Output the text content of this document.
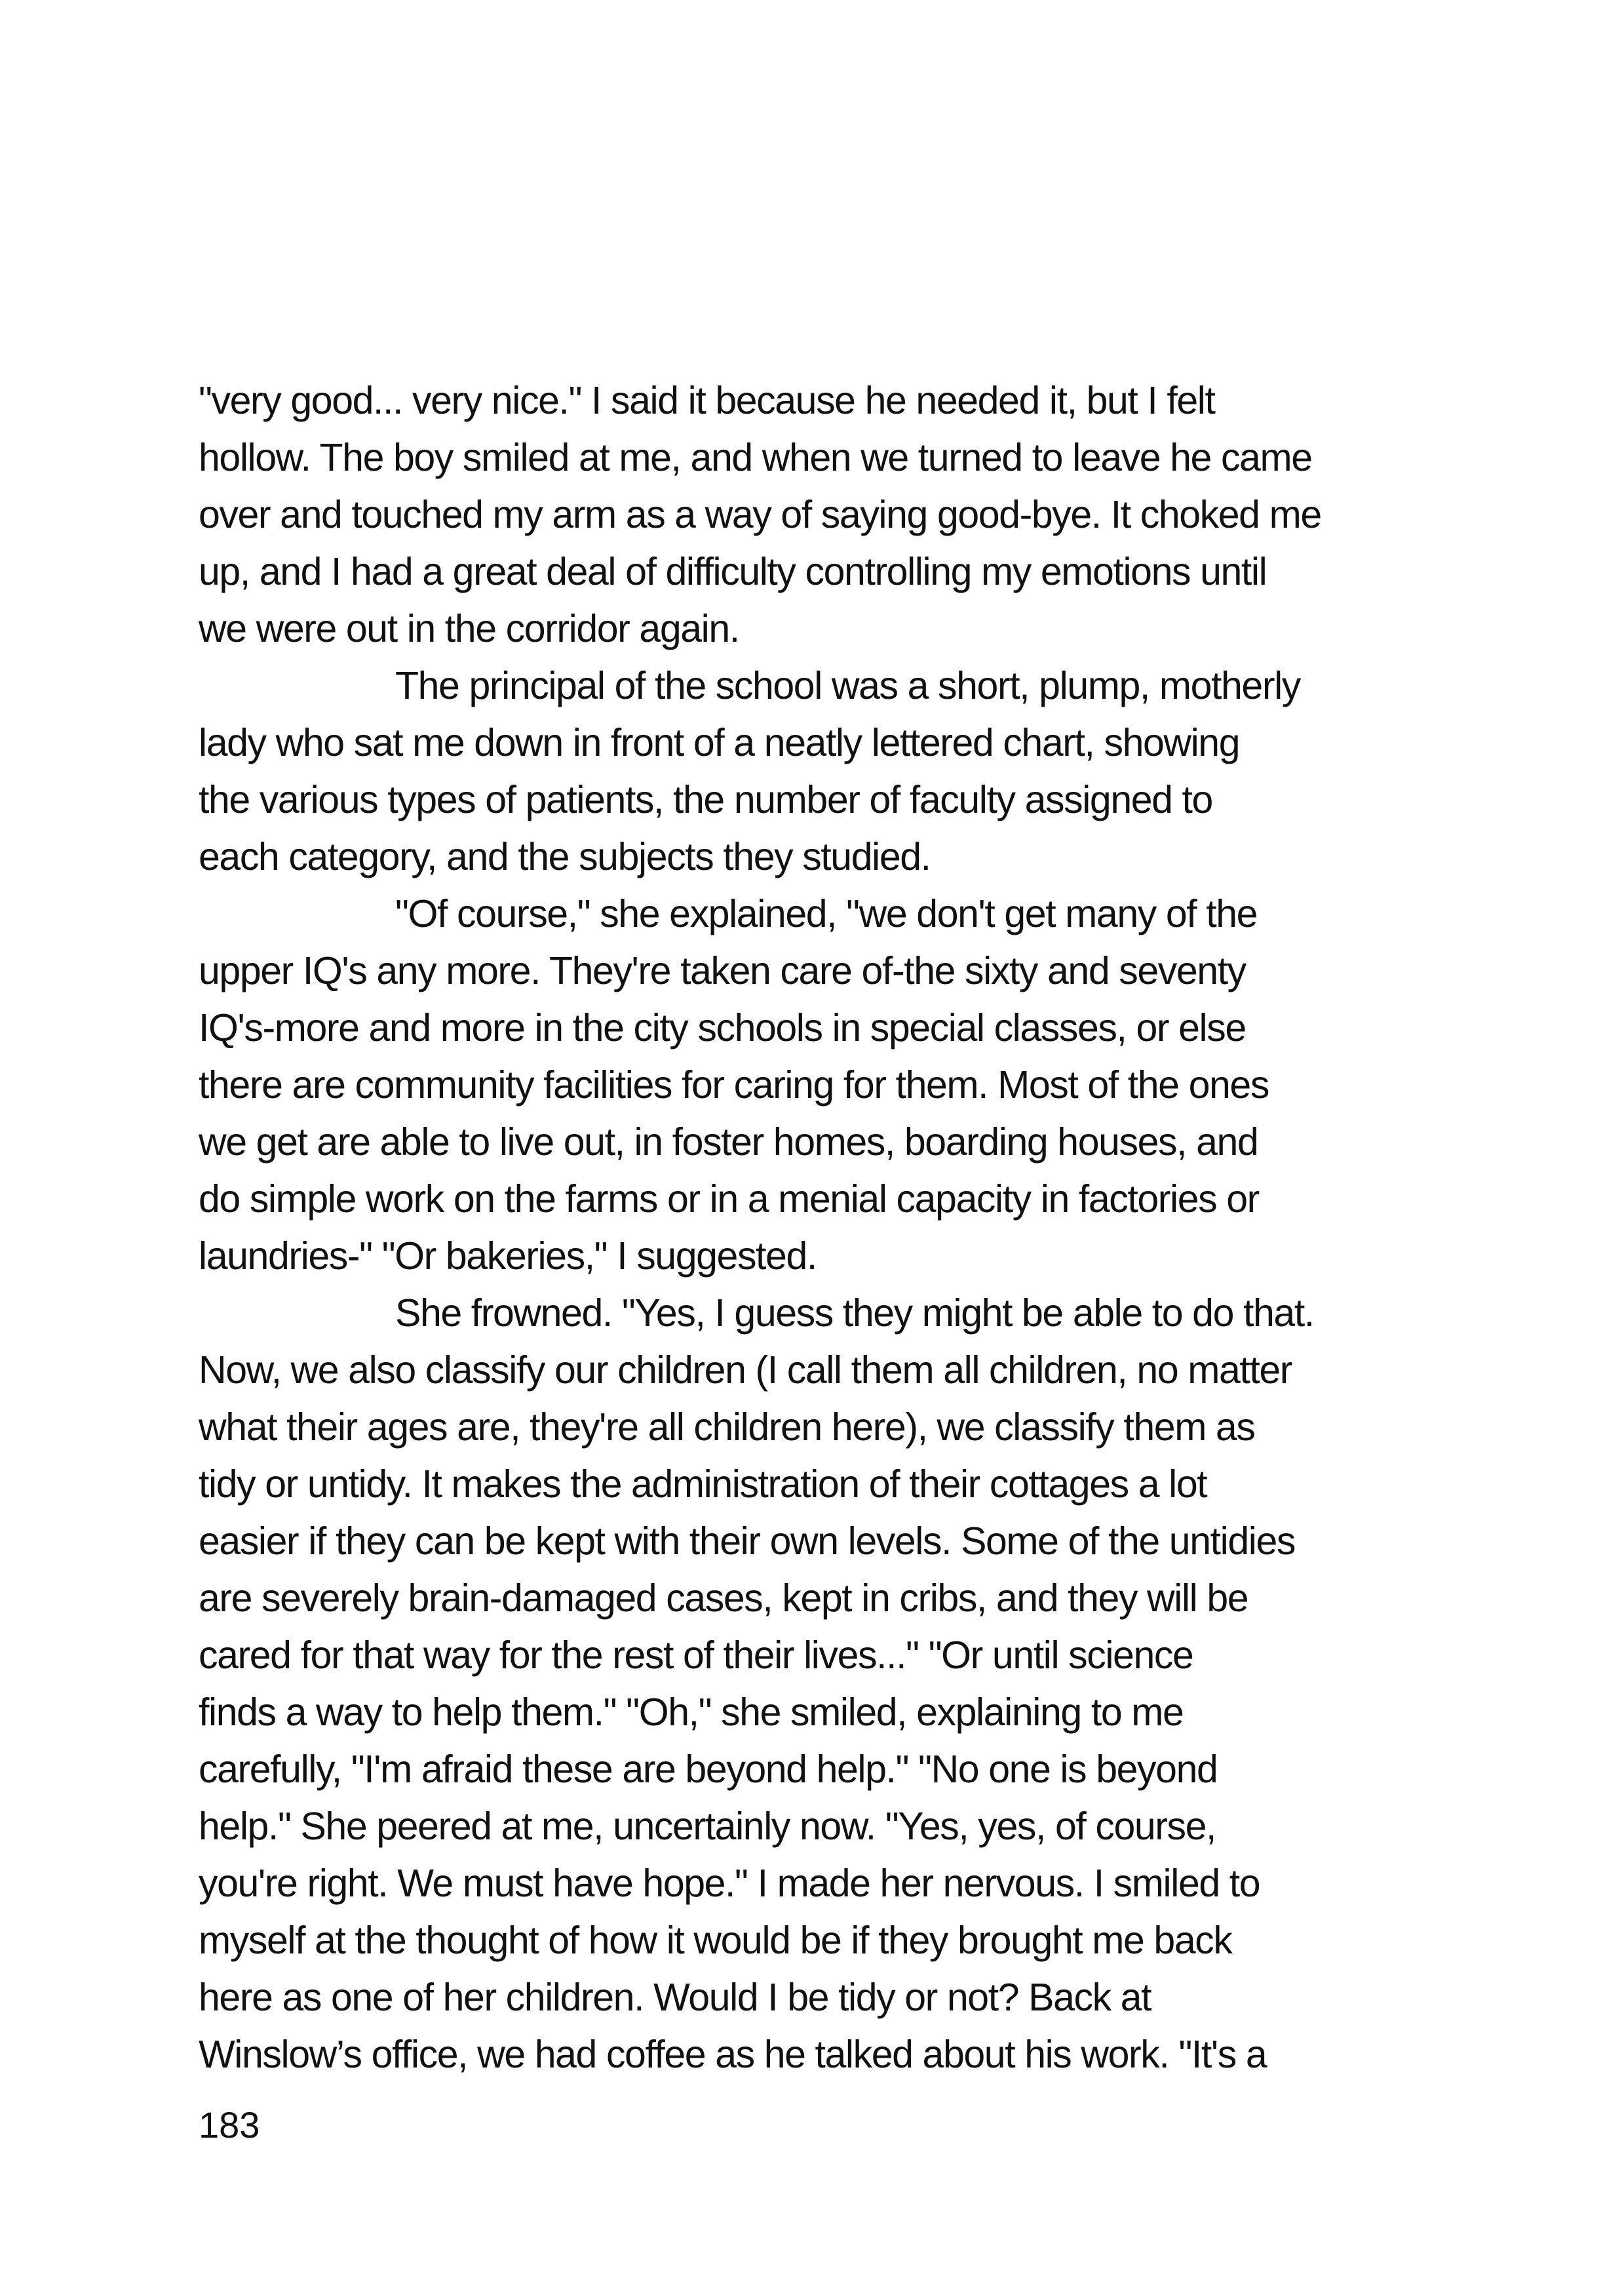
"very good... very nice." I said it because he needed it, but I felt
hollow. The boy smiled at me, and when we turned to leave he came
over and touched my arm as a way of saying good-bye. It choked me
up, and I had a great deal of difficulty controlling my emotions until
we were out in the corridor again.
The principal of the school was a short, plump, motherly
lady who sat me down in front of a neatly lettered chart, showing
the various types of patients, the number of faculty assigned to
each category, and the subjects they studied.
"Of course," she explained, "we don't get many of the
upper IQ's any more. They're taken care of-the sixty and seventy
IQ's-more and more in the city schools in special classes, or else
there are community facilities for caring for them. Most of the ones
we get are able to live out, in foster homes, boarding houses, and
do simple work on the farms or in a menial capacity in factories or
laundries-" "Or bakeries," I suggested.
She frowned. "Yes, I guess they might be able to do that.
Now, we also classify our children (I call them all children, no matter
what their ages are, they're all children here), we classify them as
tidy or untidy. It makes the administration of their cottages a lot
easier if they can be kept with their own levels. Some of the untidies
are severely brain-damaged cases, kept in cribs, and they will be
cared for that way for the rest of their lives..." "Or until science
finds a way to help them." "Oh," she smiled, explaining to me
carefully, "I'm afraid these are beyond help." "No one is beyond
help." She peered at me, uncertainly now. "Yes, yes, of course,
you're right. We must have hope." I made her nervous. I smiled to
myself at the thought of how it would be if they brought me back
here as one of her children. Would I be tidy or not? Back at
Winslow’s office, we had coffee as he talked about his work. "It's a
183
